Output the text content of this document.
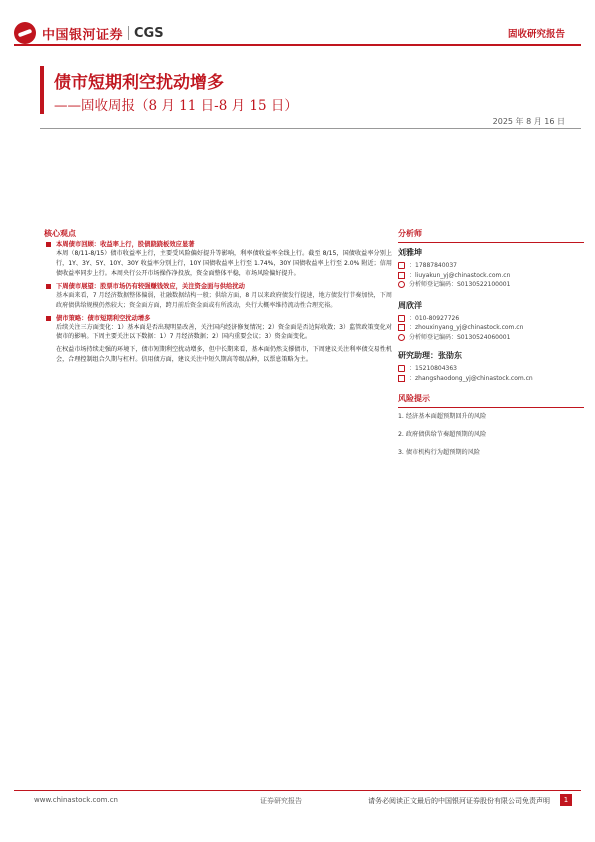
中国银河证券 CGS	固收研究报告
债市短期利空扰动增多
——固收周报（8 月 11 日-8 月 15 日）
2025 年 8 月 16 日
核心观点
本周债市回顾：收益率上行，股债跷跷板效应显著
本周（8/11-8/15）债市收益率上行，主要受风险偏好提升等影响，利率债收益率全线上行。截至 8/15，国债收益率分别上行，1Y、3Y、5Y、10Y、30Y 收益率分别上行，10Y 国债收益率上行至 1.74%，30Y 国债收益率上行至 2.0% 附近；信用债收益率同步上行。本周央行公开市场操作净投放，资金面整体平稳，市场风险偏好提升。
下周债市展望：股票市场仍有较强赚钱效应，关注资金面与供给扰动
基本面来看，7 月经济数据整体偏弱，社融数据结构一般；供给方面，8 月以来政府债发行提速，地方债发行节奏加快，下周政府债供给规模仍然较大；资金面方面，跨月前后资金面或有所波动，央行大概率维持流动性合理充裕。
债市策略：债市短期利空扰动增多
后续关注三方面变化：1）基本面是否出现明显改善，关注国内经济修复情况；2）资金面是否边际收敛；3）监管政策变化对债市的影响。下周主要关注以下数据：1）7 月经济数据；2）国内重要会议；3）资金面变化。
在权益市场持续走强的环境下，债市短期利空扰动增多，但中长期来看，基本面仍然支撑债市，下周建议关注利率债交易性机会，合理控制组合久期与杠杆。信用债方面，建议关注中短久期高等级品种，以票息策略为主。
分析师
刘雅坤
：17887840037
：liuyakun_yj@chinastock.com.cn
分析师登记编码：S0130522100001
周欣洋
：010-80927726
：zhouxinyang_yj@chinastock.com.cn
分析师登记编码：S0130524060001
研究助理： 张劭东
：15210804363
：zhangshaodong_yj@chinastock.com.cn
风险提示
1. 经济基本面超预期回升的风险
2. 政府债供给节奏超预期的风险
3. 债市机构行为超预期的风险
www.chinastock.com.cn	证券研究报告	请务必阅读正文最后的中国银河证券股份有限公司免责声明	1
